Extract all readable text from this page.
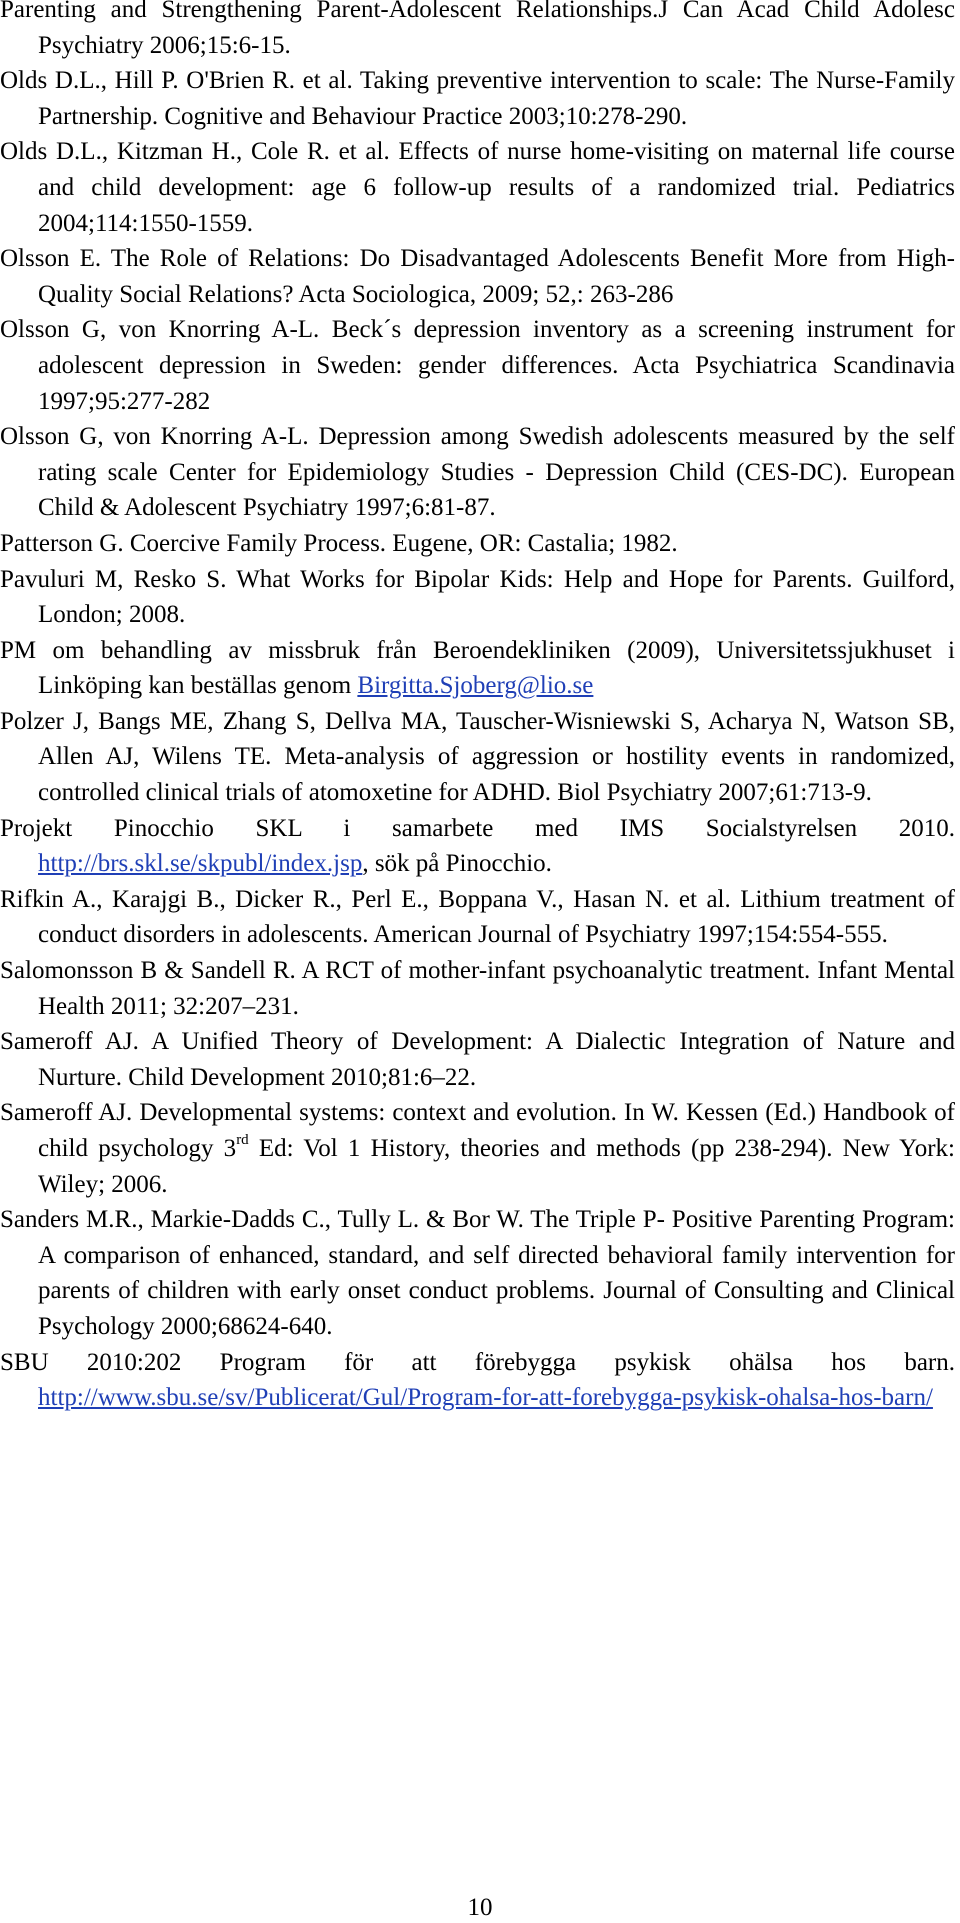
Parenting and Strengthening Parent-Adolescent Relationships.J Can Acad Child Adolesc Psychiatry 2006;15:6-15.

Olds D.L., Hill P. O'Brien R. et al. Taking preventive intervention to scale: The Nurse-Family Partnership. Cognitive and Behaviour Practice 2003;10:278-290.

Olds D.L., Kitzman H., Cole R. et al. Effects of nurse home-visiting on maternal life course and child development: age 6 follow-up results of a randomized trial. Pediatrics 2004;114:1550-1559.

Olsson E. The Role of Relations: Do Disadvantaged Adolescents Benefit More from High-Quality Social Relations? Acta Sociologica, 2009; 52,: 263-286

Olsson G, von Knorring A-L. Beck´s depression inventory as a screening instrument for adolescent depression in Sweden: gender differences. Acta Psychiatrica Scandinavia 1997;95:277-282

Olsson G, von Knorring A-L. Depression among Swedish adolescents measured by the self rating scale Center for Epidemiology Studies - Depression Child (CES-DC). European Child & Adolescent Psychiatry 1997;6:81-87.

Patterson G. Coercive Family Process. Eugene, OR: Castalia; 1982.

Pavuluri M, Resko S. What Works for Bipolar Kids: Help and Hope for Parents. Guilford, London; 2008.

PM om behandling av missbruk från Beroendekliniken (2009), Universitetssjukhuset i Linköping kan beställas genom Birgitta.Sjoberg@lio.se

Polzer J, Bangs ME, Zhang S, Dellva MA, Tauscher-Wisniewski S, Acharya N, Watson SB, Allen AJ, Wilens TE. Meta-analysis of aggression or hostility events in randomized, controlled clinical trials of atomoxetine for ADHD. Biol Psychiatry 2007;61:713-9.

Projekt Pinocchio SKL i samarbete med IMS Socialstyrelsen 2010. http://brs.skl.se/skpubl/index.jsp, sök på Pinocchio.

Rifkin A., Karajgi B., Dicker R., Perl E., Boppana V., Hasan N. et al. Lithium treatment of conduct disorders in adolescents. American Journal of Psychiatry 1997;154:554-555.

Salomonsson B & Sandell R. A RCT of mother-infant psychoanalytic treatment. Infant Mental Health 2011; 32:207–231.

Sameroff AJ. A Unified Theory of Development: A Dialectic Integration of Nature and Nurture. Child Development 2010;81:6–22.

Sameroff AJ. Developmental systems: context and evolution. In W. Kessen (Ed.) Handbook of child psychology 3rd Ed: Vol 1 History, theories and methods (pp 238-294). New York: Wiley; 2006.

Sanders M.R., Markie-Dadds C., Tully L. & Bor W. The Triple P- Positive Parenting Program: A comparison of enhanced, standard, and self directed behavioral family intervention for parents of children with early onset conduct problems. Journal of Consulting and Clinical Psychology 2000;68624-640.

SBU 2010:202 Program för att förebygga psykisk ohälsa hos barn. http://www.sbu.se/sv/Publicerat/Gul/Program-for-att-forebygga-psykisk-ohalsa-hos-barn/

10
